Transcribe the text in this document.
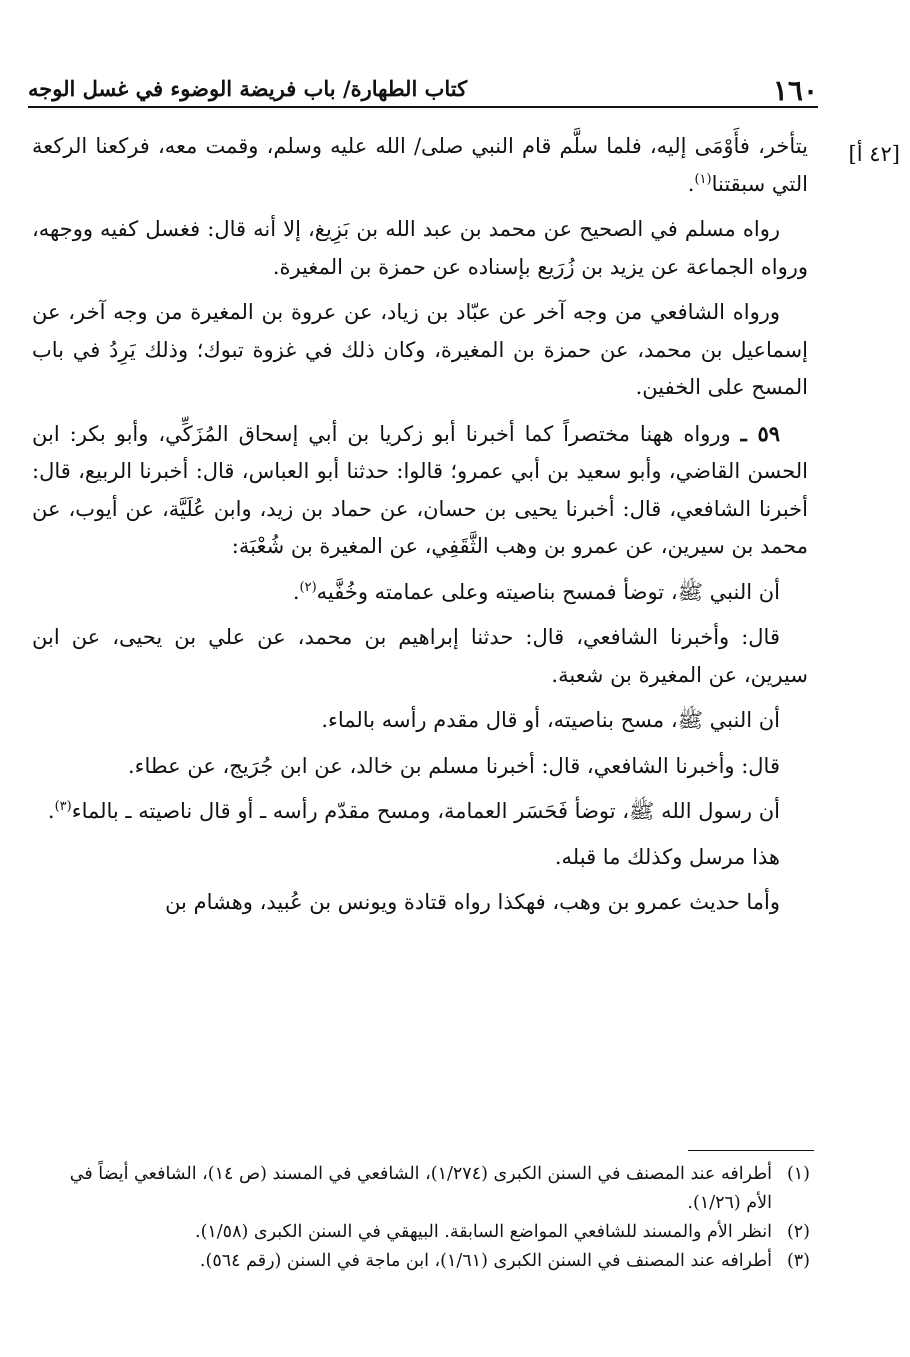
١٦٠
كتاب الطهارة/ باب فريضة الوضوء في غسل الوجه
[٤٢ أ]

يتأخر، فأَوْمَى إليه، فلما سلَّم قام النبي صلى/ الله عليه وسلم، وقمت معه، فركعنا الركعة التي سبقتنا$^{(١)}$.

رواه مسلم في الصحيح عن محمد بن عبد الله بن بَزِيغ، إلا أنه قال: فغسل كفيه ووجهه، ورواه الجماعة عن يزيد بن زُرَيع بإسناده عن حمزة بن المغيرة.

ورواه الشافعي من وجه آخر عن عبّاد بن زياد، عن عروة بن المغيرة من وجه آخر، عن إسماعيل بن محمد، عن حمزة بن المغيرة، وكان ذلك في غزوة تبوك؛ وذلك يَرِدُ في باب المسح على الخفين.

٥٩ ـ ورواه ههنا مختصراً كما أخبرنا أبو زكريا بن أبي إسحاق المُزَكِّي، وأبو بكر: ابن الحسن القاضي، وأبو سعيد بن أبي عمرو؛ قالوا: حدثنا أبو العباس، قال: أخبرنا الربيع، قال: أخبرنا الشافعي، قال: أخبرنا يحيى بن حسان، عن حماد بن زيد، وابن عُلَيَّة، عن أيوب، عن محمد بن سيرين، عن عمرو بن وهب الثَّقَفِي، عن المغيرة بن شُعْبَة:

أن النبي ﷺ، توضأ فمسح بناصيته وعلى عمامته وخُفَّيه$^{(٢)}$.

قال: وأخبرنا الشافعي، قال: حدثنا إبراهيم بن محمد، عن علي بن يحيى، عن ابن سيرين، عن المغيرة بن شعبة.

أن النبي ﷺ، مسح بناصيته، أو قال مقدم رأسه بالماء.

قال: وأخبرنا الشافعي، قال: أخبرنا مسلم بن خالد، عن ابن جُرَيج، عن عطاء.

أن رسول الله ﷺ، توضأ فَحَسَر العمامة، ومسح مقدّم رأسه ـ أو قال ناصيته ـ بالماء$^{(٣)}$.

هذا مرسل وكذلك ما قبله.

وأما حديث عمرو بن وهب، فهكذا رواه قتادة ويونس بن عُبيد، وهشام بن

(١)أطرافه عند المصنف في السنن الكبرى (١/٢٧٤)، الشافعي في المسند (ص ١٤)، الشافعي أيضاً في
الأم (١/٢٦).
(٢)انظر الأم والمسند للشافعي المواضع السابقة. البيهقي في السنن الكبرى (١/٥٨).
(٣)أطرافه عند المصنف في السنن الكبرى (١/٦١)، ابن ماجة في السنن (رقم ٥٦٤).
